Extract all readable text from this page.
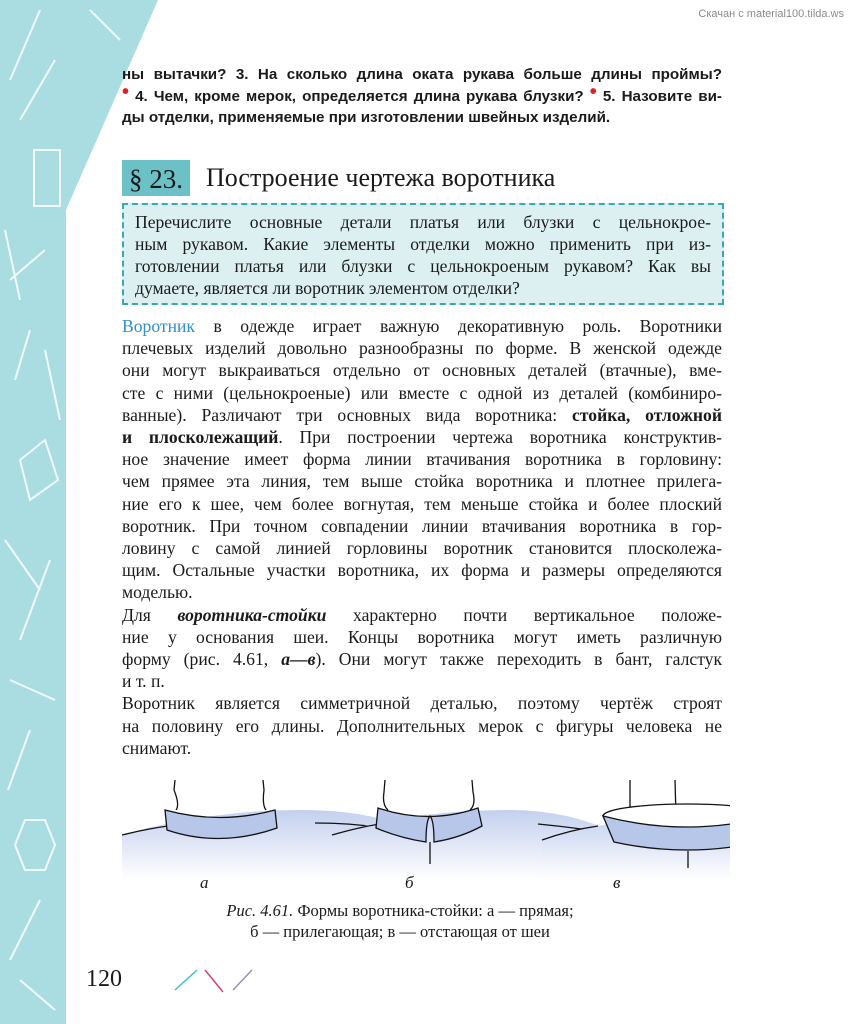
Скачан с material100.tilda.ws
ны вытачки? 3. На сколько длина оката рукава больше длины проймы?
• 4. Чем, кроме мерок, определяется длина рукава блузки? • 5. Назовите ви-
ды отделки, применяемые при изготовлении швейных изделий.
§ 23. Построение чертежа воротника
Перечислите основные детали платья или блузки с цельнокрое-
ным рукавом. Какие элементы отделки можно применить при из-
готовлении платья или блузки с цельнокроеным рукавом? Как вы
думаете, является ли воротник элементом отделки?
Воротник в одежде играет важную декоративную роль. Воротники
плечевых изделий довольно разнообразны по форме. В женской одежде
они могут выкраиваться отдельно от основных деталей (втачные), вме-
сте с ними (цельнокроеные) или вместе с одной из деталей (комбиниро-
ванные). Различают три основных вида воротника: стойка, отложной
и плосколежащий. При построении чертежа воротника конструктив-
ное значение имеет форма линии втачивания воротника в горловину:
чем прямее эта линия, тем выше стойка воротника и плотнее прилега-
ние его к шее, чем более вогнутая, тем меньше стойка и более плоский
воротник. При точном совпадении линии втачивания воротника в гор-
ловину с самой линией горловины воротник становится плосколежа-
щим. Остальные участки воротника, их форма и размеры определяются
моделью.
Для воротника-стойки характерно почти вертикальное положе-
ние у основания шеи. Концы воротника могут иметь различную
форму (рис. 4.61, а—в). Они могут также переходить в бант, галстук
и т. п.
Воротник является симметричной деталью, поэтому чертёж строят
на половину его длины. Дополнительных мерок с фигуры человека не
снимают.
а	б	в
Рис. 4.61. Формы воротника-стойки: а — прямая;
б — прилегающая; в — отстающая от шеи
120
